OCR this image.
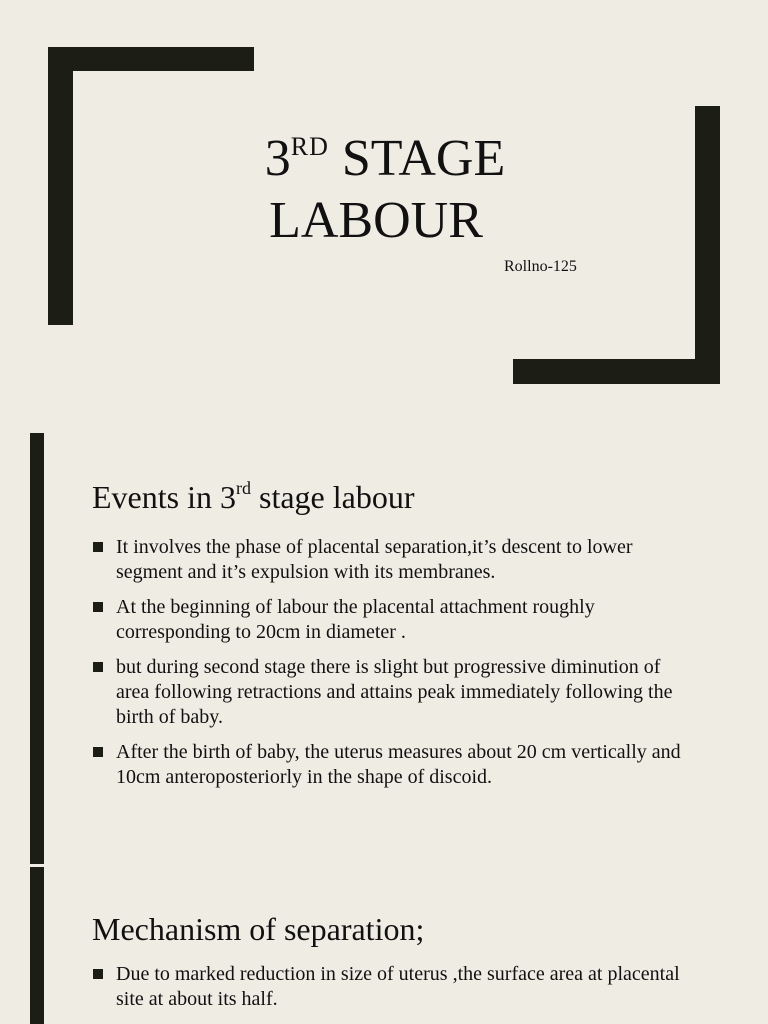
3RD STAGE
LABOUR
Rollno-125
Events in 3rd stage labour
It involves the phase of placental separation,it’s descent to lower segment and it’s expulsion with its membranes.
At the beginning of labour the placental attachment roughly corresponding to 20cm in diameter .
but during second stage there is slight but progressive diminution of area following retractions and attains peak immediately following the birth of baby.
After the birth of baby, the uterus measures about 20 cm vertically and 10cm anteroposteriorly in the shape of discoid.
Mechanism of separation;
Due to marked reduction in size of uterus ,the surface area at placental site at about its half.
